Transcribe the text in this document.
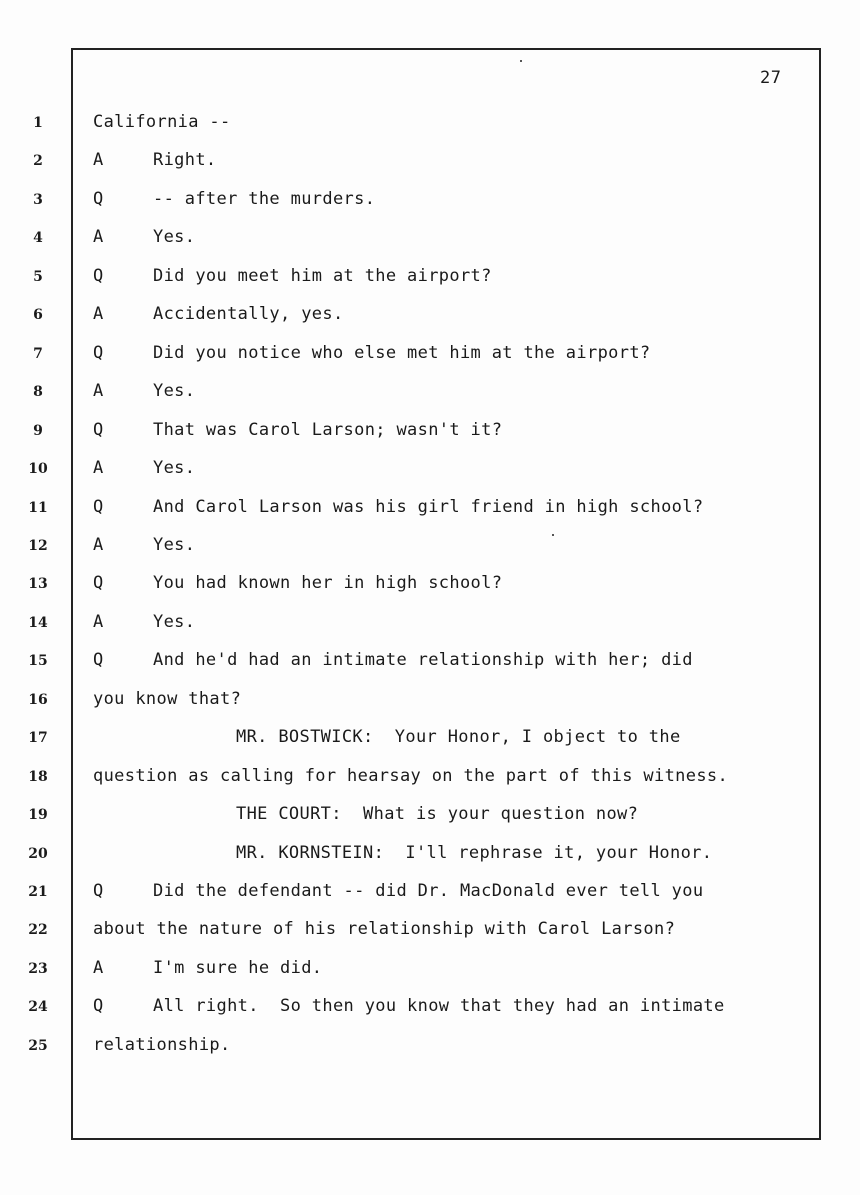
27
1	California --
2	A	Right.
3	Q	-- after the murders.
4	A	Yes.
5	Q	Did you meet him at the airport?
6	A	Accidentally, yes.
7	Q	Did you notice who else met him at the airport?
8	A	Yes.
9	Q	That was Carol Larson; wasn't it?
10	A	Yes.
11	Q	And Carol Larson was his girl friend in high school?
12	A	Yes.
13	Q	You had known her in high school?
14	A	Yes.
15	Q	And he'd had an intimate relationship with her; did
16	you know that?
17	MR. BOSTWICK:  Your Honor, I object to the
18	question as calling for hearsay on the part of this witness.
19	THE COURT:  What is your question now?
20	MR. KORNSTEIN:  I'll rephrase it, your Honor.
21	Q	Did the defendant -- did Dr. MacDonald ever tell you
22	about the nature of his relationship with Carol Larson?
23	A	I'm sure he did.
24	Q	All right.  So then you know that they had an intimate
25	relationship.
